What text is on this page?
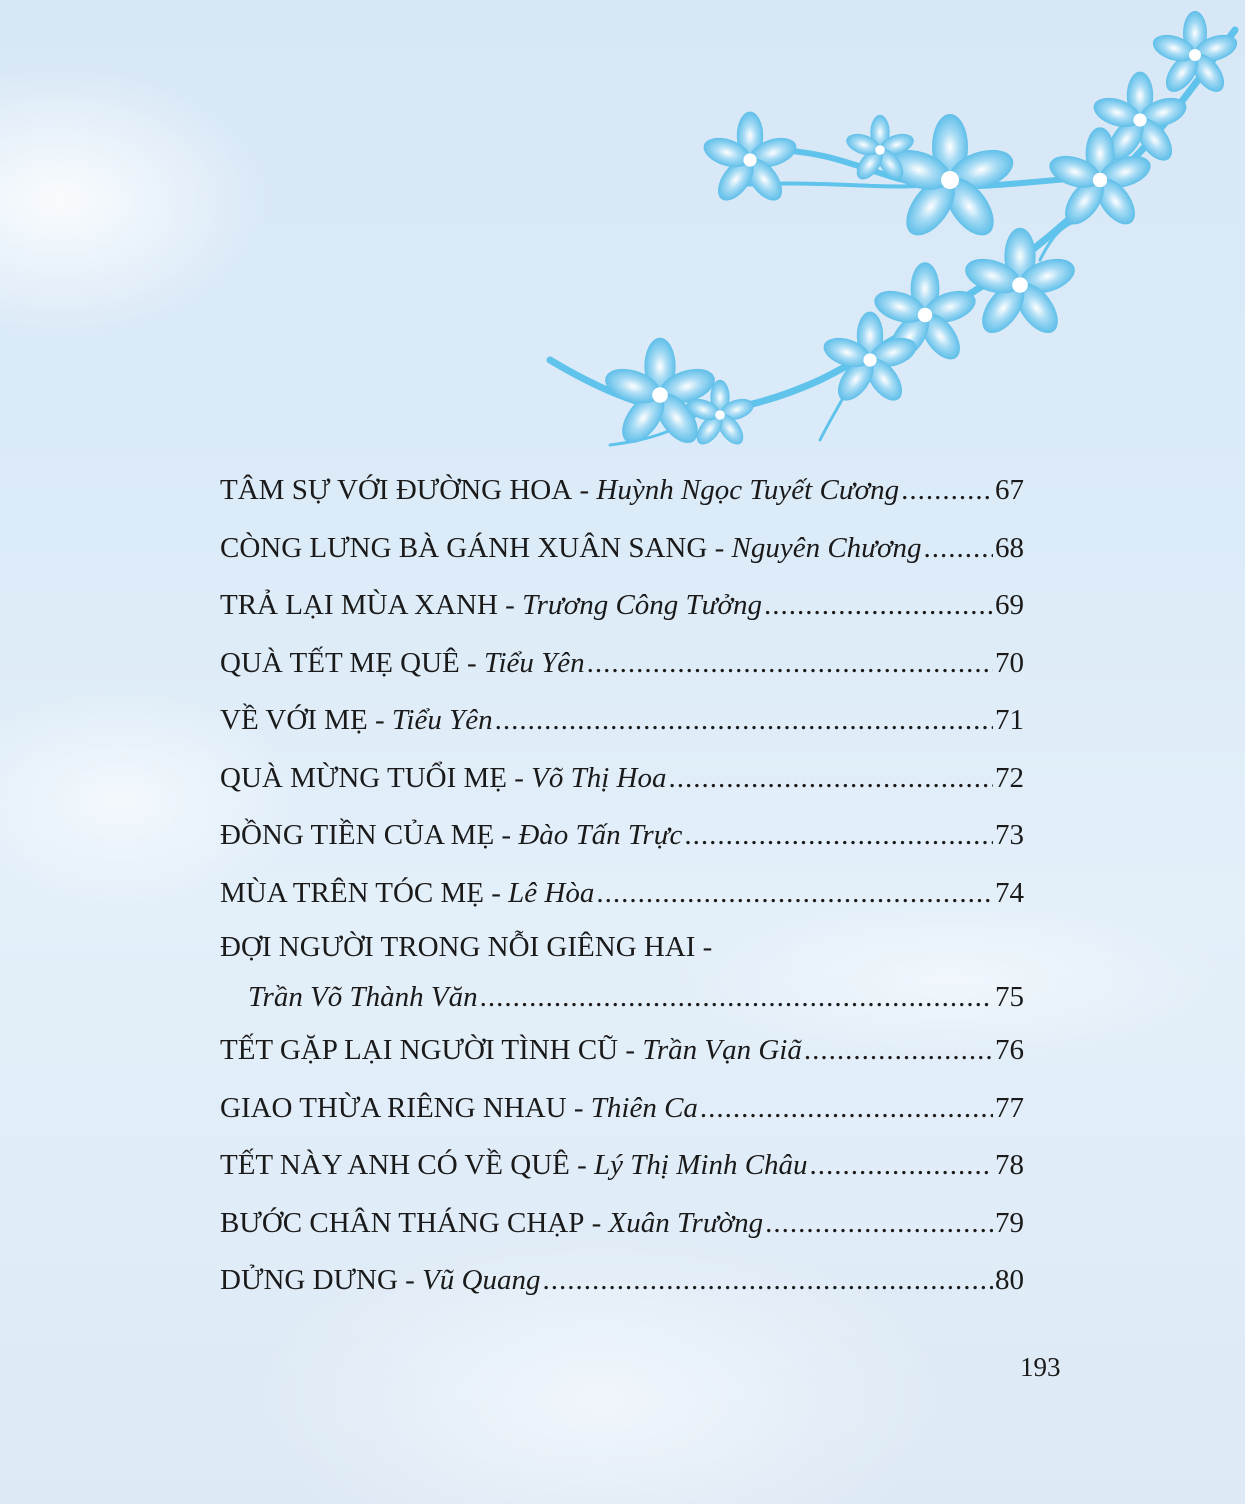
TÂM SỰ VỚI ĐƯỜNG HOA - Huỳnh Ngọc Tuyết Cương .....	67
CÒNG LƯNG BÀ GÁNH XUÂN SANG - Nguyên Chương .....	68
TRẢ LẠI MÙA XANH - Trương Công Tưởng .....	69
QUÀ TẾT MẸ QUÊ - Tiểu Yên .....	70
VỀ VỚI MẸ - Tiểu Yên .....	71
QUÀ MỪNG TUỔI MẸ - Võ Thị Hoa .....	72
ĐỒNG TIỀN CỦA MẸ - Đào Tấn Trực .....	73
MÙA TRÊN TÓC MẸ - Lê Hòa .....	74
ĐỢI NGƯỜI TRONG NỖI GIÊNG HAI -
Trần Võ Thành Văn .....	75
TẾT GẶP LẠI NGƯỜI TÌNH CŨ - Trần Vạn Giã .....	76
GIAO THỪA RIÊNG NHAU - Thiên Ca .....	77
TẾT NÀY ANH CÓ VỀ QUÊ - Lý Thị Minh Châu .....	78
BƯỚC CHÂN THÁNG CHẠP - Xuân Trường .....	79
DỬNG DƯNG - Vũ Quang .....	80
193
